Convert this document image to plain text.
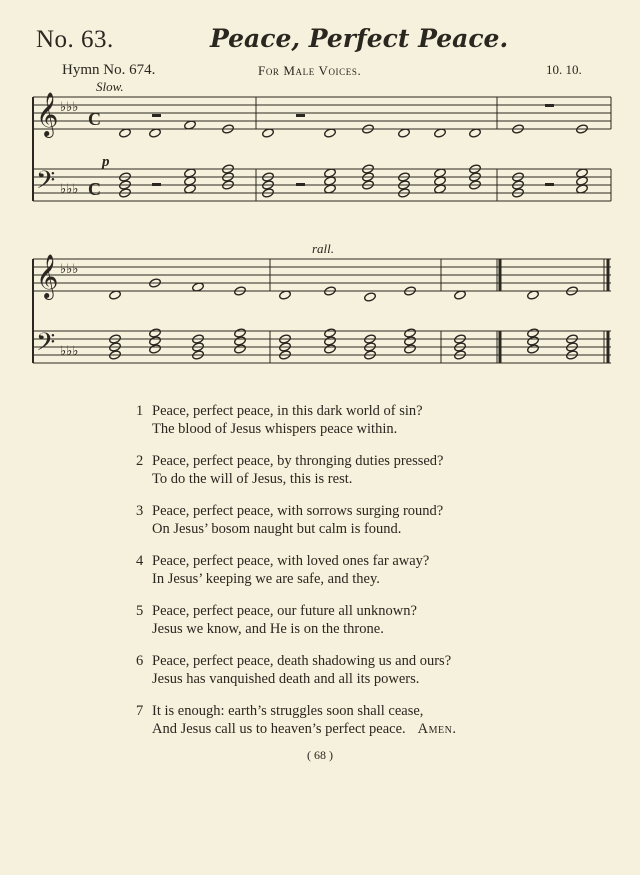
No. 63.	Peace, Perfect Peace.
Hymn No. 674.	For Male Voices.	10. 10.
Slow.
p
rall.
𝄞 ♭♭♭
𝄞 ♭♭♭
𝄢 ♭♭♭
𝄢 ♭♭♭
C
C
1 Peace, perfect peace, in this dark world of sin?
The blood of Jesus whispers peace within.
2 Peace, perfect peace, by thronging duties pressed?
To do the will of Jesus, this is rest.
3 Peace, perfect peace, with sorrows surging round?
On Jesus’ bosom naught but calm is found.
4 Peace, perfect peace, with loved ones far away?
In Jesus’ keeping we are safe, and they.
5 Peace, perfect peace, our future all unknown?
Jesus we know, and He is on the throne.
6 Peace, perfect peace, death shadowing us and ours?
Jesus has vanquished death and all its powers.
7 It is enough: earth’s struggles soon shall cease,
And Jesus call us to heaven’s perfect peace. Amen.
( 68 )
